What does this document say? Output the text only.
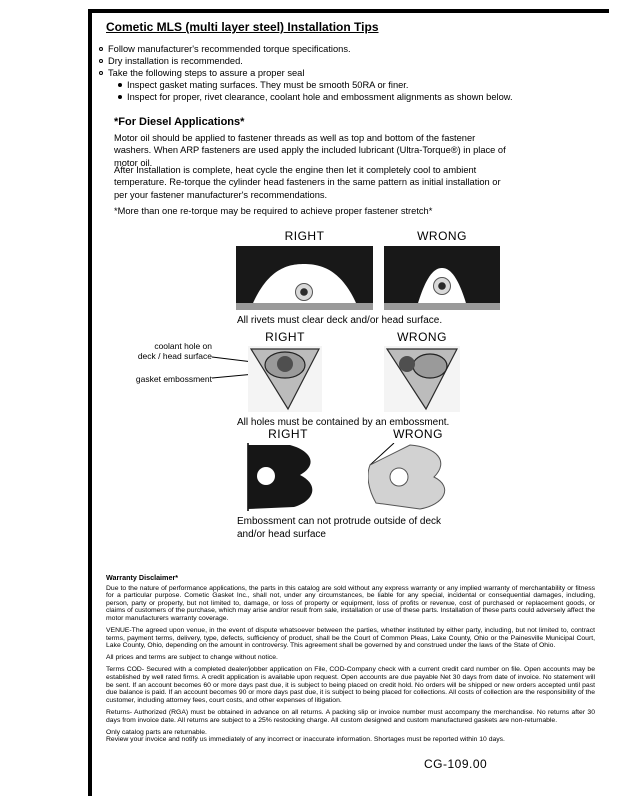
Cometic MLS (multi layer steel) Installation Tips
Follow manufacturer's recommended torque specifications.
Dry installation is recommended.
Take the following steps to assure a proper seal
Inspect gasket mating surfaces. They must be smooth 50RA or finer.
Inspect for proper, rivet clearance, coolant hole and embossment alignments as shown below.
*For Diesel Applications*

Motor oil should be applied to fastener threads as well as top and bottom of the fastener washers. When ARP fasteners are used apply the included lubricant (Ultra-Torque®) in place of motor oil.

After Installation is complete, heat cycle the engine then let it completely cool to ambient temperature. Re-torque the cylinder head fasteners in the same pattern as initial installation or per your fastener manufacturer's recommendations.

*More than one re-torque may be required to achieve proper fastener stretch*
RIGHT	WRONG
All rivets must clear deck and/or head surface.
RIGHT	WRONG
coolant hole on
deck / head surface
gasket embossment
All holes must be contained by an embossment.
RIGHT	WRONG
Embossment can not protrude outside of deck
and/or head surface
Warranty Disclaimer*

Due to the nature of performance applications, the parts in this catalog are sold without any express warranty or any implied warranty of merchantability or fitness for a particular purpose. Cometic Gasket Inc., shall not, under any circumstances, be liable for any special, incidental or consequential damages, including, person, party or property, but not limited to, damage, or loss of property or equipment, loss of profits or revenue, cost of purchased or replacement goods, or claims of customers of the purchase, which may arise and/or result from sale, installation or use of these parts. Installation of these parts could adversely affect the motor manufacturers warranty coverage.

VENUE-The agreed upon venue, in the event of dispute whatsoever between the parties, whether instituted by either party, including, but not limited to, contract terms, payment terms, delivery, type, defects, sufficiency of product, shall be the Court of Common Pleas, Lake County, Ohio or the Painesville Municipal Court, Lake County, Ohio, depending on the amount in controversy. This agreement shall be governed by and construed under the laws of the State of Ohio.

All prices and terms are subject to change without notice.

Terms COD- Secured with a completed dealer/jobber application on File, COD-Company check with a current credit card number on file. Open accounts may be established by well rated firms. A credit application is available upon request. Open accounts are due payable Net 30 days from date of invoice. No statement will be sent. If an account becomes 60 or more days past due, it is subject to being placed on credit hold. No orders will be shipped or new orders accepted until past due balance is paid. If an account becomes 90 or more days past due, it is subject to being placed for collections. All costs of collection are the responsibility of the customer, including attorney fees, court costs, and other expenses of litigation.

Returns- Authorized (RGA) must be obtained in advance on all returns. A packing slip or invoice number must accompany the merchandise. No returns after 30 days from invoice date. All returns are subject to a 25% restocking charge. All custom designed and custom manufactured gaskets are non-returnable.

Only catalog parts are returnable.

Review your invoice and notify us immediately of any incorrect or inaccurate information. Shortages must be reported within 10 days.

CG-109.00
